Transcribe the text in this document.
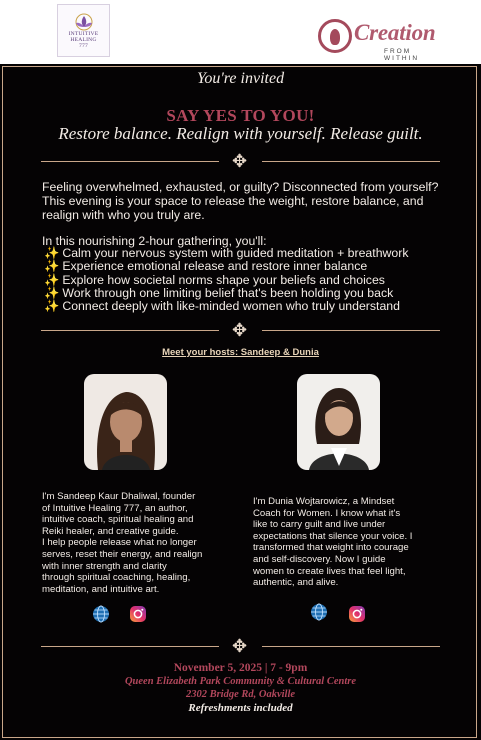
INTUITIVE
HEALING
777
Creation
FROM WITHIN
You're invited
SAY YES TO YOU!
Restore balance. Realign with yourself. Release guilt.
✥
Feeling overwhelmed, exhausted, or guilty? Disconnected from yourself?
This evening is your space to release the weight, restore balance, and
realign with who you truly are.
In this nourishing 2-hour gathering, you'll:
✨ Calm your nervous system with guided meditation + breathwork
✨ Experience emotional release and restore inner balance
✨ Explore how societal norms shape your beliefs and choices
✨ Work through one limiting belief that's been holding you back
✨ Connect deeply with like-minded women who truly understand
✥
Meet your hosts: Sandeep & Dunia

I'm Sandeep Kaur Dhaliwal, founder

of Intuitive Healing 777, an author,

intuitive coach, spiritual healing and

Reiki healer, and creative guide.

I help people release what no longer

serves, reset their energy, and realign

with inner strength and clarity

through spiritual coaching, healing,

meditation, and intuitive art.

I'm Dunia Wojtarowicz, a Mindset

Coach for Women. I know what it's

like to carry guilt and live under

expectations that silence your voice. I

transformed that weight into courage

and self-discovery. Now I guide

women to create lives that feel light,

authentic, and alive.

✥
November 5, 2025 | 7 - 9pm
Queen Elizabeth Park Community & Cultural Centre
2302 Bridge Rd, Oakville
Refreshments included
